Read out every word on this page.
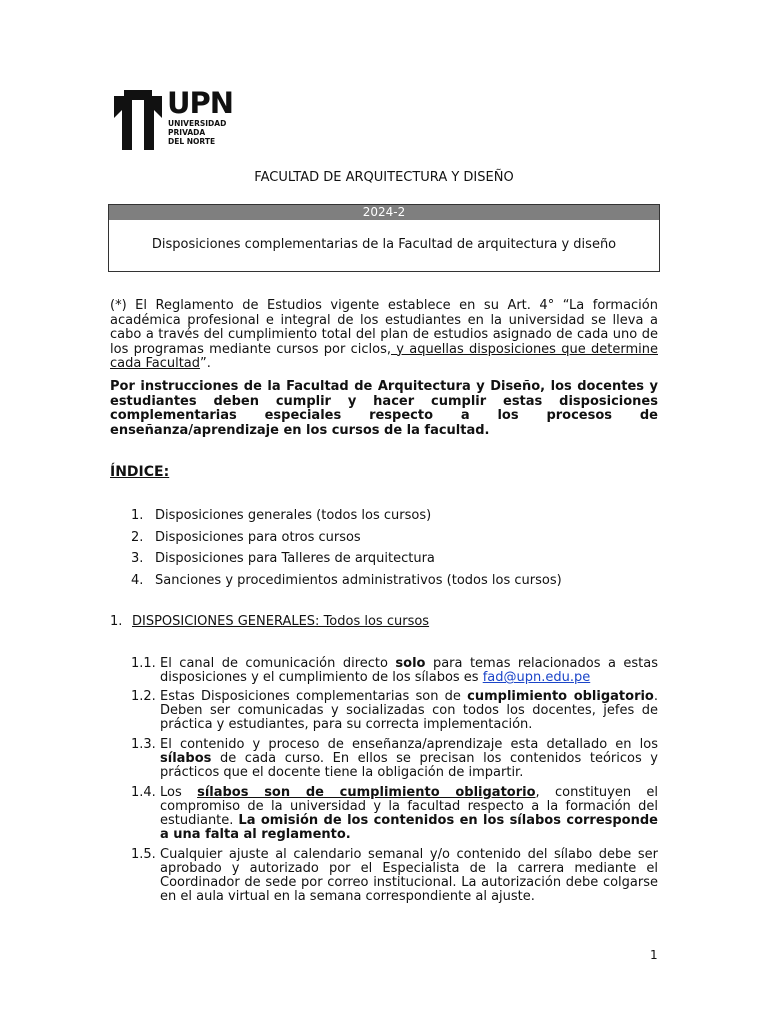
UPN
UNIVERSIDAD
PRIVADA
DEL NORTE
FACULTAD DE ARQUITECTURA Y DISEÑO
2024-2
Disposiciones complementarias de la Facultad de arquitectura y diseño
(*) El Reglamento de Estudios vigente establece en su Art. 4° “La formación académica profesional e integral de los estudiantes en la universidad se lleva a cabo a través del cumplimiento total del plan de estudios asignado de cada uno de los programas mediante cursos por ciclos, y aquellas disposiciones que determine cada Facultad”.
Por instrucciones de la Facultad de Arquitectura y Diseño, los docentes y estudiantes deben cumplir y hacer cumplir estas disposiciones complementarias especiales respecto a los procesos de enseñanza/aprendizaje en los cursos de la facultad.
ÍNDICE:
1. Disposiciones generales (todos los cursos)
2. Disposiciones para otros cursos
3. Disposiciones para Talleres de arquitectura
4. Sanciones y procedimientos administrativos (todos los cursos)
1. DISPOSICIONES GENERALES: Todos los cursos
1.1. El canal de comunicación directo solo para temas relacionados a estas disposiciones y el cumplimiento de los sílabos es fad@upn.edu.pe
1.2. Estas Disposiciones complementarias son de cumplimiento obligatorio. Deben ser comunicadas y socializadas con todos los docentes, jefes de práctica y estudiantes, para su correcta implementación.
1.3. El contenido y proceso de enseñanza/aprendizaje esta detallado en los sílabos de cada curso. En ellos se precisan los contenidos teóricos y prácticos que el docente tiene la obligación de impartir.
1.4. Los sílabos son de cumplimiento obligatorio, constituyen el compromiso de la universidad y la facultad respecto a la formación del estudiante. La omisión de los contenidos en los sílabos corresponde a una falta al reglamento.
1.5. Cualquier ajuste al calendario semanal y/o contenido del sílabo debe ser aprobado y autorizado por el Especialista de la carrera mediante el Coordinador de sede por correo institucional. La autorización debe colgarse en el aula virtual en la semana correspondiente al ajuste.
1
